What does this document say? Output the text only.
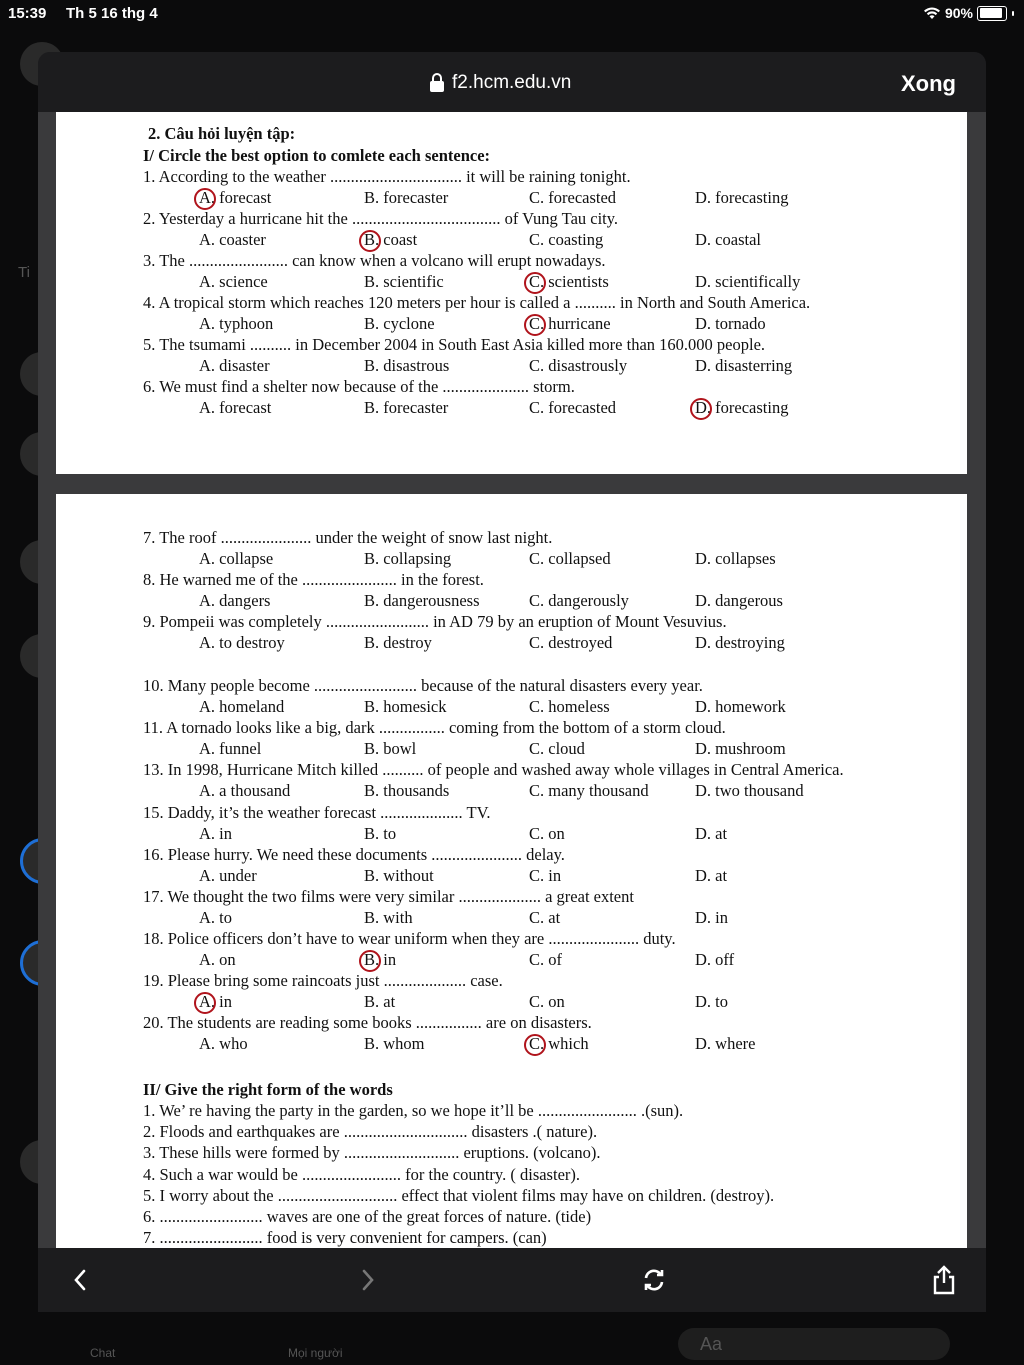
Ti
15:39 Th 5 16 thg 4	90%
f2.hcm.edu.vn	Xong
2. Câu hỏi luyện tập:
I/ Circle the best option to comlete each sentence:
1. According to the weather ................................ it will be raining tonight.
A. forecast	B. forecaster	C. forecasted	D. forecasting
2. Yesterday a hurricane hit the .................................... of Vung Tau city.
A. coaster	B. coast	C. coasting	D. coastal
3. The ........................ can know when a volcano will erupt nowadays.
A. science	B. scientific	C. scientists	D. scientifically
4. A tropical storm which reaches 120 meters per hour is called a .......... in North and South America.
A. typhoon	B. cyclone	C. hurricane	D. tornado
5. The tsumami .......... in December 2004 in South East Asia killed more than 160.000 people.
A. disaster	B. disastrous	C. disastrously	D. disasterring
6. We must find a shelter now because of the ..................... storm.
A. forecast	B. forecaster	C. forecasted	D. forecasting
7. The roof ...................... under the weight of snow last night.
A. collapse	B. collapsing	C. collapsed	D. collapses
8. He warned me of the ....................... in the forest.
A. dangers	B. dangerousness	C. dangerously	D. dangerous
9. Pompeii was completely ......................... in AD 79 by an eruption of Mount Vesuvius.
A. to destroy	B. destroy	C. destroyed	D. destroying
10. Many people become ......................... because of the natural disasters every year.
A. homeland	B. homesick	C. homeless	D. homework
11. A tornado looks like a big, dark ................ coming from the bottom of a storm cloud.
A. funnel	B. bowl	C. cloud	D. mushroom
13. In 1998, Hurricane Mitch killed .......... of people and washed away whole villages in Central America.
A. a thousand	B. thousands	C. many thousand	D. two thousand
15. Daddy, it’s the weather forecast .................... TV.
A. in	B. to	C. on	D. at
16. Please hurry. We need these documents ...................... delay.
A. under	B. without	C. in	D. at
17. We thought the two films were very similar .................... a great extent
A. to	B. with	C. at	D. in
18. Police officers don’t have to wear uniform when they are ...................... duty.
A. on	B. in	C. of	D. off
19. Please bring some raincoats just .................... case.
A. in	B. at	C. on	D. to
20. The students are reading some books ................ are on disasters.
A. who	B. whom	C. which	D. where
II/ Give the right form of the words
1. We’ re having the party in the garden, so we hope it’ll be ........................ .(sun).
2. Floods and earthquakes are .............................. disasters .( nature).
3. These hills were formed by ............................ eruptions. (volcano).
4. Such a war would be ........................ for the country. ( disaster).
5. I worry about the ............................. effect that violent films may have on children. (destroy).
6. ......................... waves are one of the great forces of nature. (tide)
7. ......................... food is very convenient for campers. (can)
Chat	Mọi người	Aa
